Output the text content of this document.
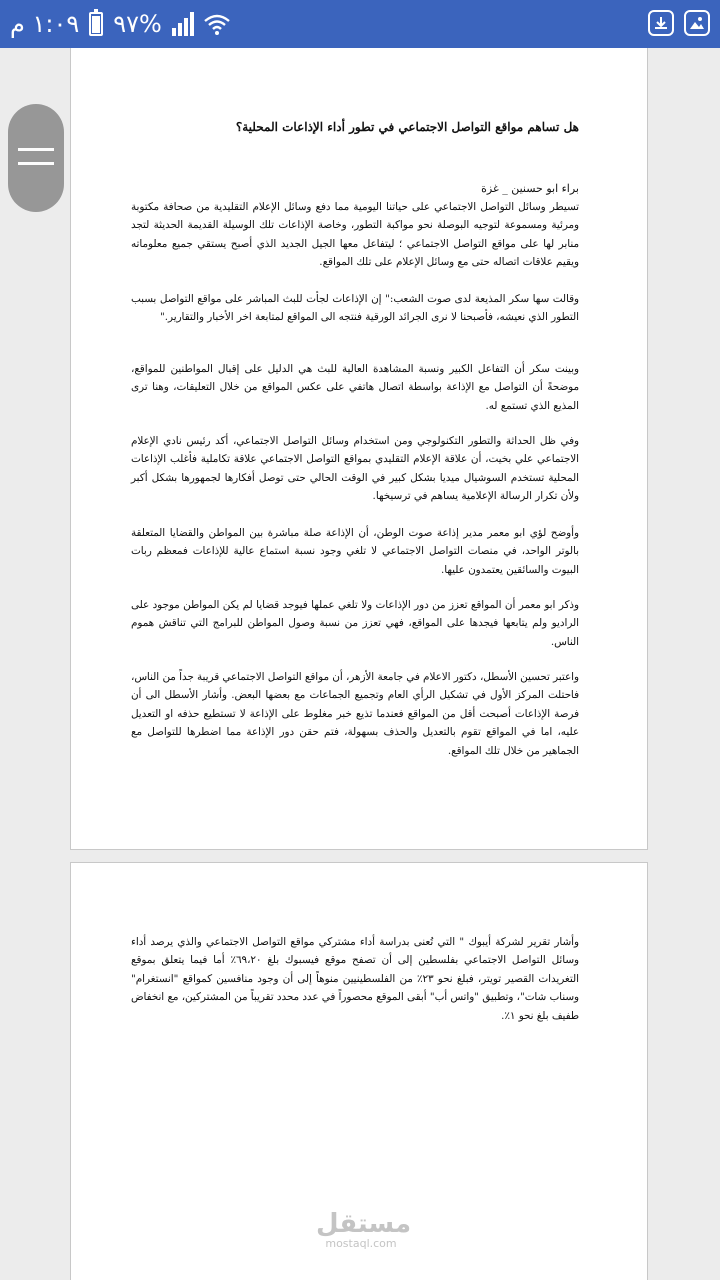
١:٠٩ م %٩٧
هل تساهم مواقع التواصل الاجتماعي في تطور أداء الإذاعات المحلية؟
براء ابو حسنين _ غزة
تسيطر وسائل التواصل الاجتماعي على حياتنا اليومية مما دفع وسائل الإعلام التقليدية من صحافة مكتوبة ومرئية ومسموعة لتوجيه البوصلة نحو مواكبة التطور، وخاصة الإذاعات تلك الوسيلة القديمة الحديثة لتجد منابر لها على مواقع التواصل الاجتماعي ؛ ليتفاعل معها الجيل الجديد الذي أصبح يستقي جميع معلوماته ويقيم علاقات اتصاله حتى مع وسائل الإعلام على تلك المواقع.
وقالت سها سكر المذيعة لدى صوت الشعب:" إن الإذاعات لجأت للبث المباشر على مواقع التواصل بسبب التطور الذي نعيشه، فأصبحنا لا نرى الجرائد الورقية فنتجه الى المواقع لمتابعة اخر الأخبار والتقارير."
وبينت سكر أن التفاعل الكبير ونسبة المشاهدة العالية للبث هي الدليل على إقبال المواطنين للمواقع، موضحةً أن التواصل مع الإذاعة بواسطة اتصال هاتفي على عكس المواقع من خلال التعليقات، وهنا ترى المذيع الذي تستمع له.
وفي ظل الحداثة والتطور التكنولوجي ومن استخدام وسائل التواصل الاجتماعي، أكد رئيس نادي الإعلام الاجتماعي علي بخيت، أن علاقة الإعلام التقليدي بمواقع التواصل الاجتماعي علاقة تكاملية فأغلب الإذاعات المحلية تستخدم السوشيال ميديا بشكل كبير في الوقت الحالي حتى توصل أفكارها لجمهورها بشكل أكبر ولأن تكرار الرسالة الإعلامية يساهم في ترسيخها.
وأوضح لؤي ابو معمر مدير إذاعة صوت الوطن، أن الإذاعة صلة مباشرة بين المواطن والقضايا المتعلقة بالوتر الواحد، في منصات التواصل الاجتماعي لا تلغي وجود نسبة استماع عالية للإذاعات فمعظم ربات البيوت والسائقين يعتمدون عليها.
وذكر ابو معمر أن المواقع تعزز من دور الإذاعات ولا تلغي عملها فيوجد قضايا لم يكن المواطن موجود على الراديو ولم يتابعها فيجدها على المواقع، فهي تعزز من نسبة وصول المواطن للبرامج التي تناقش هموم الناس.
واعتبر تحسين الأسطل، دكتور الاعلام في جامعة الأزهر، أن مواقع التواصل الاجتماعي قريبة جداً من الناس، فاحتلت المركز الأول في تشكيل الرأي العام وتجميع الجماعات مع بعضها البعض. وأشار الأسطل الى أن فرصة الإذاعات أصبحت أقل من المواقع فعندما تذيع خبر مغلوط على الإذاعة لا تستطيع حذفه او التعديل عليه، اما في المواقع تقوم بالتعديل والحذف بسهولة، فتم حقن دور الإذاعة مما اضطرها للتواصل مع الجماهير من خلال تلك المواقع.
وأشار تقرير لشركة أيبوك " التي تُعنى بدراسة أداء مشتركي مواقع التواصل الاجتماعي والذي يرصد أداء وسائل التواصل الاجتماعي بفلسطين إلى أن تصفح موقع فيسبوك بلغ ٦٩،٢٠٪ أما فيما يتعلق بموقع التغريدات القصير تويتر، فبلغ نحو ٢٣٪ من الفلسطينيين منوهاً إلى أن وجود منافسين كمواقع "انستغرام" وسناب شات"، وتطبيق "واتس أب" أبقى الموقع محصوراً في عدد محدد تقريباً من المشتركين، مع انخفاض طفيف بلغ نحو ١٪.
مستقل
mostaql.com
